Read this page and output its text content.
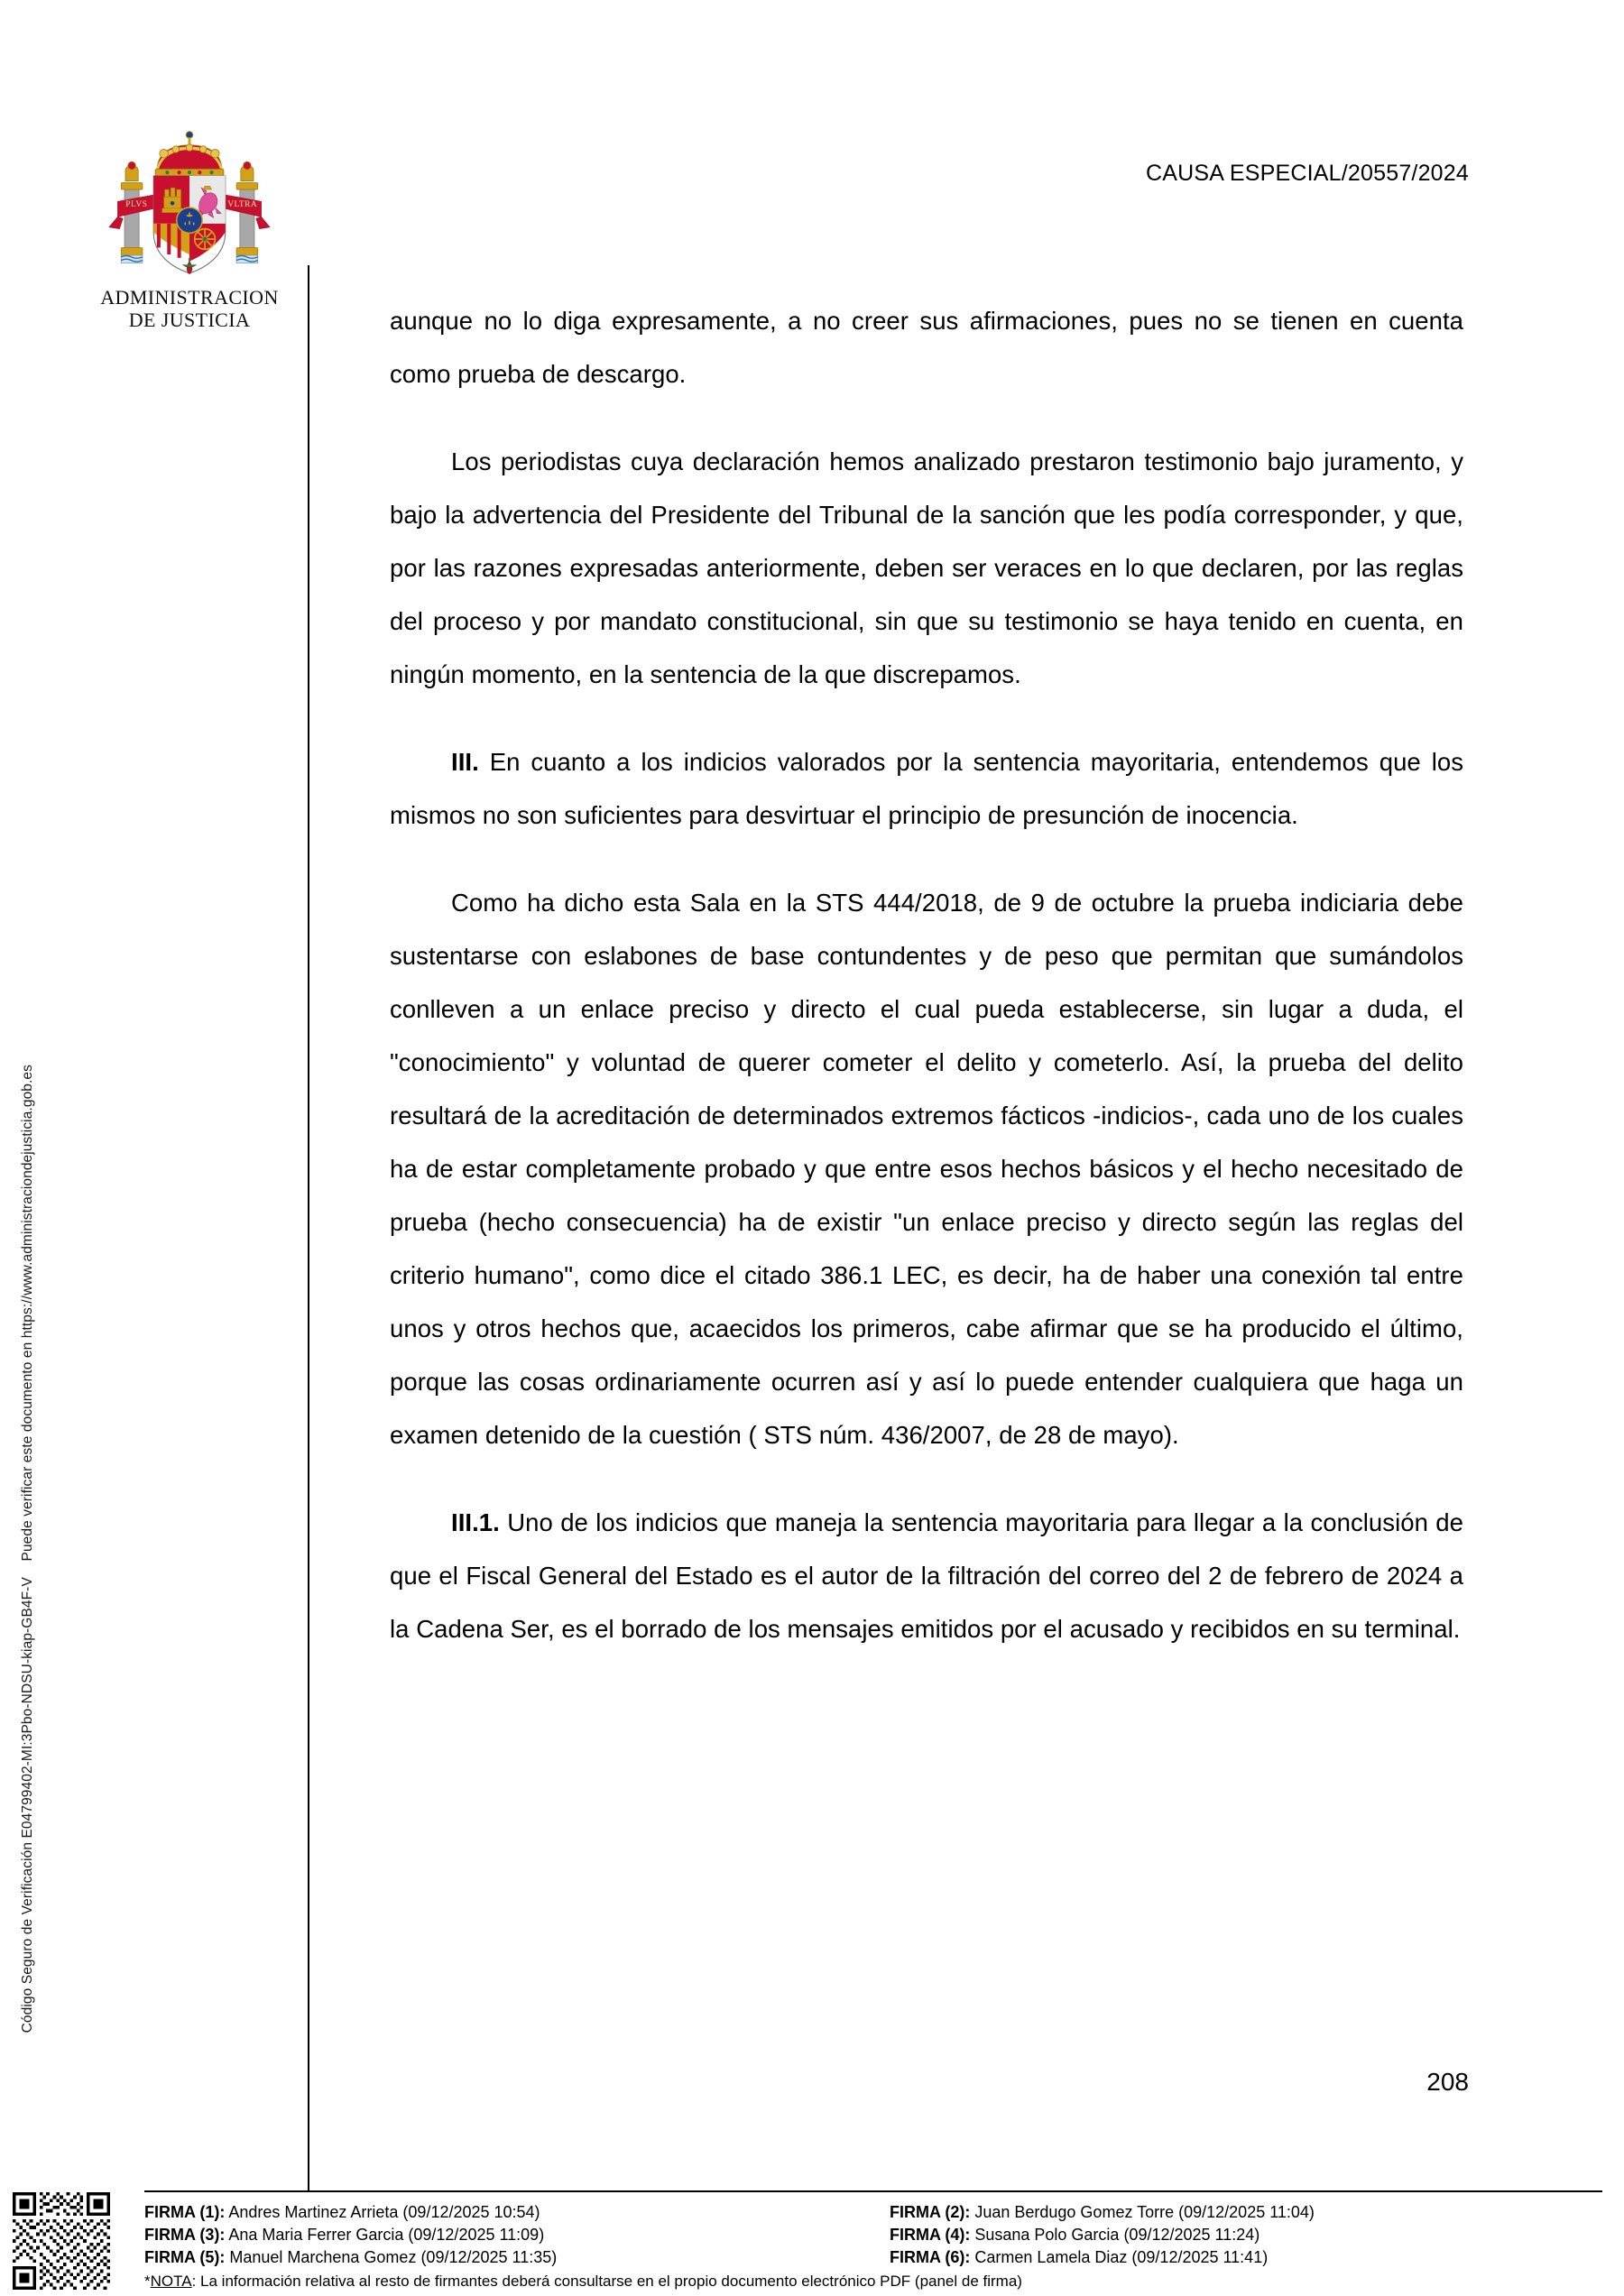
Código Seguro de Verificación E04799402-MI:3Pbo-NDSU-kiap-GB4F-V    Puede verificar este documento en https://www.administraciondejusticia.gob.es
PLVS	VLTRA
ADMINISTRACION
DE JUSTICIA
CAUSA ESPECIAL/20557/2024

aunque no lo diga expresamente, a no creer sus afirmaciones, pues no se tienen en cuenta como prueba de descargo.

Los periodistas cuya declaración hemos analizado prestaron testimonio bajo juramento, y bajo la advertencia del Presidente del Tribunal de la sanción que les podía corresponder, y que, por las razones expresadas anteriormente, deben ser veraces en lo que declaren, por las reglas del proceso y por mandato constitucional, sin que su testimonio se haya tenido en cuenta, en ningún momento, en la sentencia de la que discrepamos.

III. En cuanto a los indicios valorados por la sentencia mayoritaria, entendemos que los mismos no son suficientes para desvirtuar el principio de presunción de inocencia.

Como ha dicho esta Sala en la STS 444/2018, de 9 de octubre la prueba indiciaria debe sustentarse con eslabones de base contundentes y de peso que permitan que sumándolos conlleven a un enlace preciso y directo el cual pueda establecerse, sin lugar a duda, el "conocimiento" y voluntad de querer cometer el delito y cometerlo. Así, la prueba del delito resultará de la acreditación de determinados extremos fácticos -indicios-, cada uno de los cuales ha de estar completamente probado y que entre esos hechos básicos y el hecho necesitado de prueba (hecho consecuencia) ha de existir "un enlace preciso y directo según las reglas del criterio humano", como dice el citado 386.1 LEC, es decir, ha de haber una conexión tal entre unos y otros hechos que, acaecidos los primeros, cabe afirmar que se ha producido el último, porque las cosas ordinariamente ocurren así y así lo puede entender cualquiera que haga un examen detenido de la cuestión ( STS núm. 436/2007, de 28 de mayo).

III.1. Uno de los indicios que maneja la sentencia mayoritaria para llegar a la conclusión de que el Fiscal General del Estado es el autor de la filtración del correo del 2 de febrero de 2024 a la Cadena Ser, es el borrado de los mensajes emitidos por el acusado y recibidos en su terminal.

208
FIRMA (1): Andres Martinez Arrieta (09/12/2025 10:54)	FIRMA (2): Juan Berdugo Gomez Torre (09/12/2025 11:04)
FIRMA (3): Ana Maria Ferrer Garcia (09/12/2025 11:09)	FIRMA (4): Susana Polo Garcia (09/12/2025 11:24)
FIRMA (5): Manuel Marchena Gomez (09/12/2025 11:35)	FIRMA (6): Carmen Lamela Diaz (09/12/2025 11:41)
*NOTA: La información relativa al resto de firmantes deberá consultarse en el propio documento electrónico PDF (panel de firma)
